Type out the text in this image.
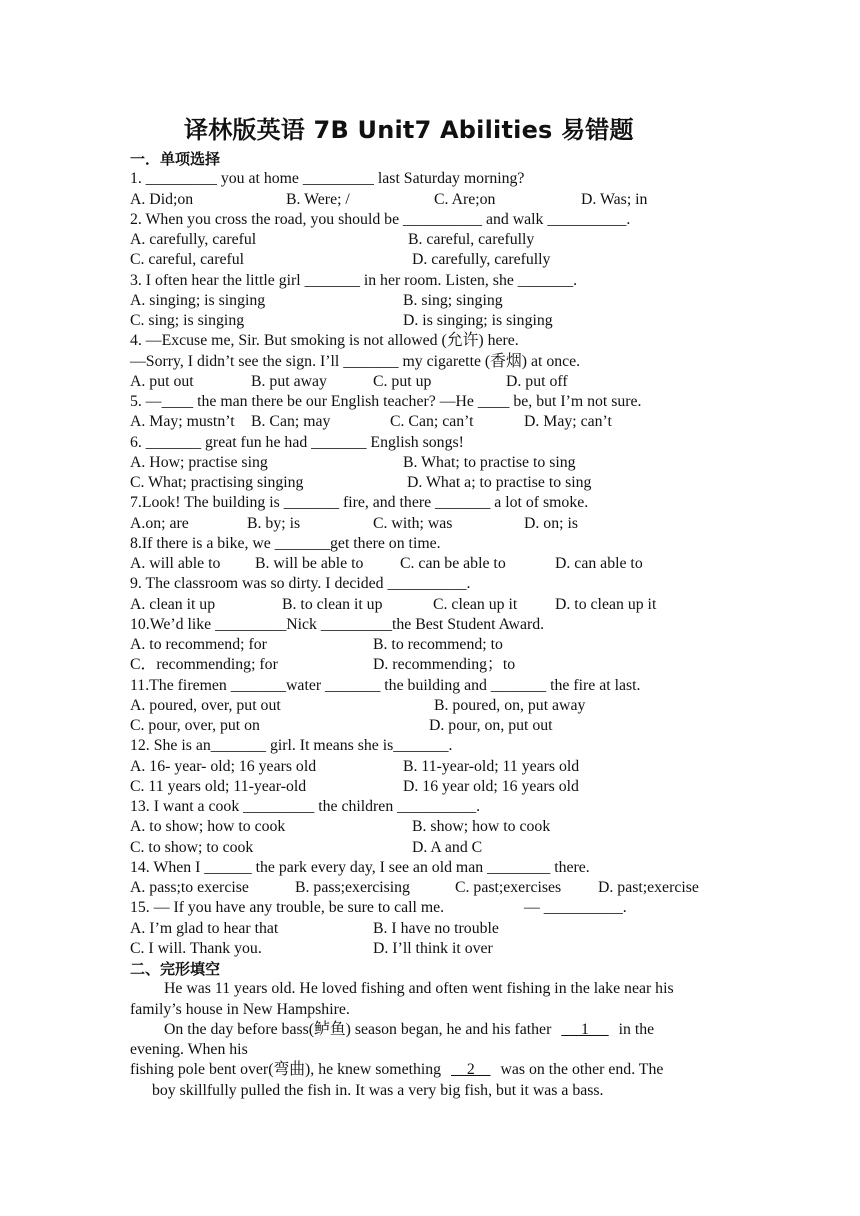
译林版英语 7B Unit7 Abilities 易错题
一．单项选择
1. _________ you at home _________ last Saturday morning?
A. Did;on	B. Were; /	C. Are;on	D. Was; in
2. When you cross the road, you should be __________ and walk __________.
A. carefully, careful	B. careful, carefully
C. careful, careful	D. carefully, carefully
3. I often hear the little girl _______ in her room. Listen, she _______.
A. singing; is singing	B. sing; singing
C. sing; is singing	D. is singing; is singing
4. —Excuse me, Sir. But smoking is not allowed (允许) here.
—Sorry, I didn’t see the sign. I’ll _______ my cigarette (香烟) at once.
A. put out	B. put away	C. put up	D. put off
5. —____ the man there be our English teacher? —He ____ be, but I’m not sure.
A. May; mustn’t B. Can; may	C. Can; can’t	D. May; can’t
6. _______ great fun he had _______ English songs!
A. How; practise sing	B. What; to practise to sing
C. What; practising singing	D. What a; to practise to sing
7.Look! The building is _______ fire, and there _______ a lot of smoke.
A.on; are	B. by; is	C. with; was	D. on; is
8.If there is a bike, we _______get there on time.
A. will able to B. will be able to C. can be able to	D. can able to
9. The classroom was so dirty. I decided __________.
A. clean it up	B. to clean it up	C. clean up it D. to clean up it
10.We’d like _________Nick _________the Best Student Award.
A. to recommend; for	B. to recommend; to
C．recommending; for	D. recommending；to
11.The firemen _______water _______ the building and _______ the fire at last.
A. poured, over, put out	B. poured, on, put away
C. pour, over, put on	D. pour, on, put out
12. She is an_______ girl. It means she is_______.
A. 16- year- old; 16 years old	B. 11-year-old; 11 years old
C. 11 years old; 11-year-old	D. 16 year old; 16 years old
13. I want a cook _________ the children __________.
A. to show; how to cook	B. show; how to cook
C. to show; to cook	D. A and C
14. When I ______ the park every day, I see an old man ________ there.
A. pass;to exercise	B. pass;exercising	C. past;exercises D. past;exercise
15. — If you have any trouble, be sure to call me.	— __________.
A. I’m glad to hear that	B. I have no trouble
C. I will. Thank you.	D. I’ll think it over
二、完形填空
He was 11 years old. He loved fishing and often went fishing in the lake near his
family’s house in New Hampshire.
On the day before bass(鲈鱼) season began, he and his father      1      in the
evening. When his
fishing pole bent over(弯曲), he knew something     2     was on the other end. The
boy skillfully pulled the fish in. It was a very big fish, but it was a bass.
